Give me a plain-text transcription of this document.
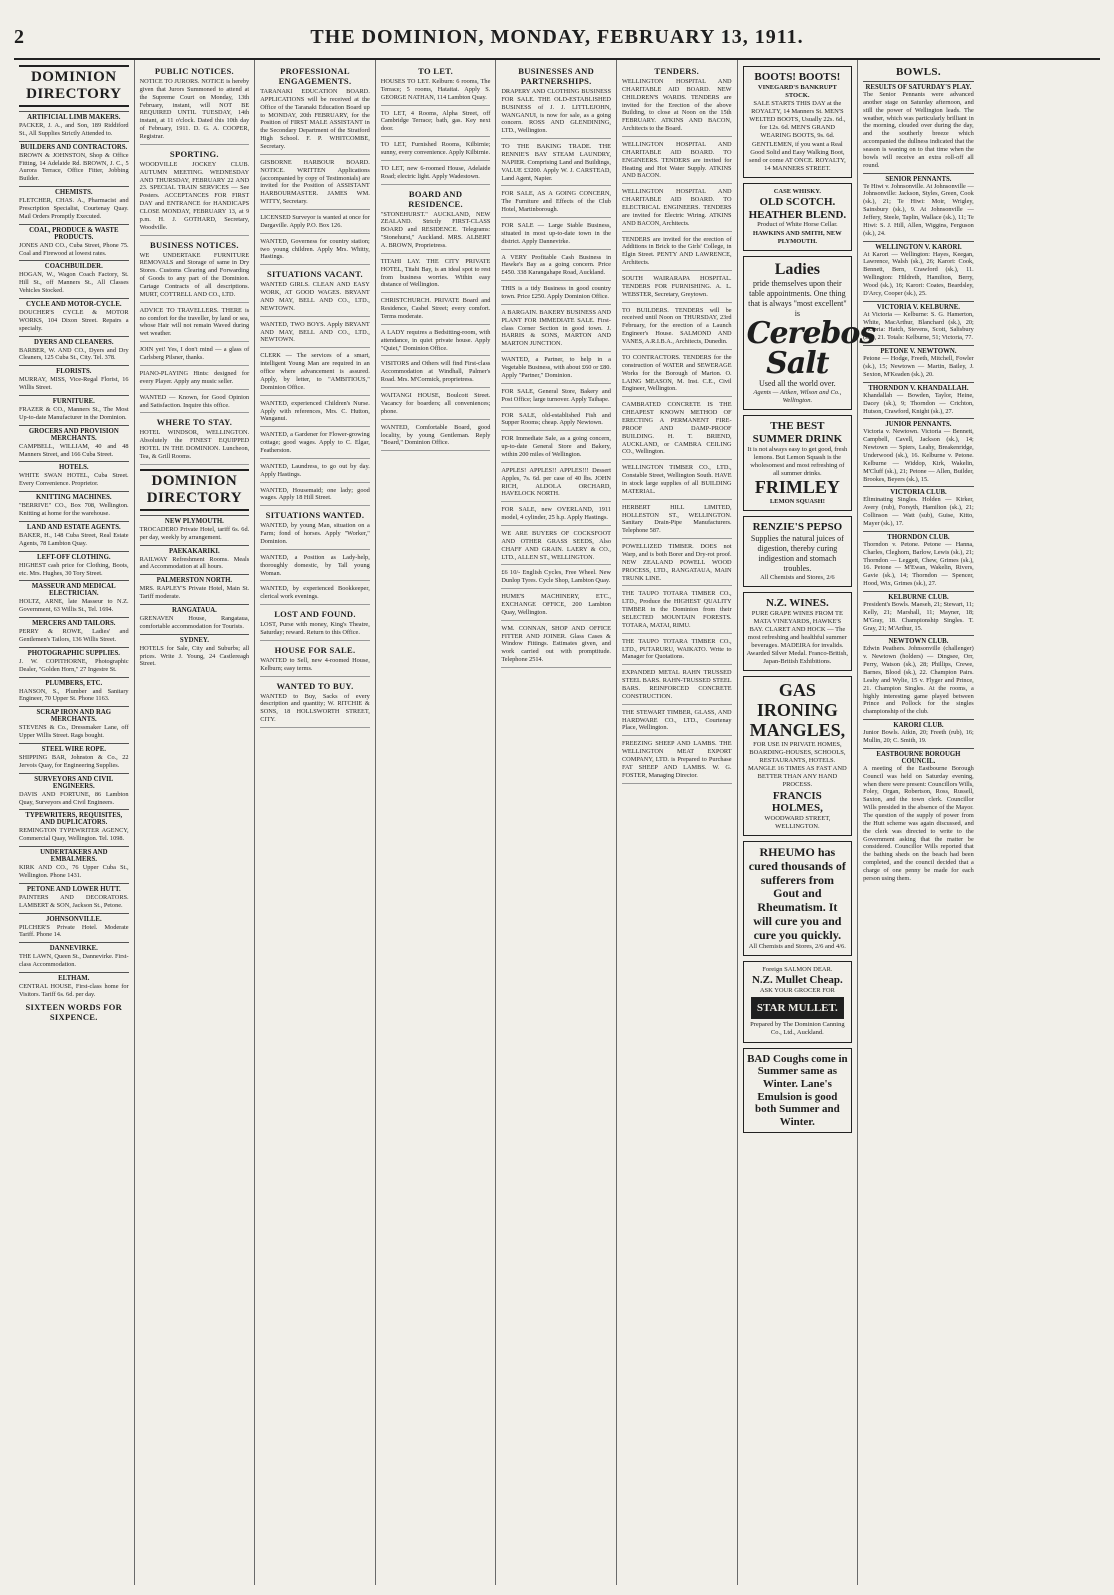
2	THE DOMINION, MONDAY, FEBRUARY 13, 1911.
DOMINION DIRECTORY
ARTIFICIAL LIMB MAKERS.
PACKER, J. A., and Son, 189 Riddiford St., All Supplies Strictly Attended to.
BUILDERS AND CONTRACTORS.
BROWN & JOHNSTON, Shop & Office Fitting, 14 Adelaide Rd. BROWN, J. C., 5 Aurora Terrace, Office Fitter, Jobbing Builder.
CHEMISTS.
FLETCHER, CHAS. A., Pharmacist and Prescription Specialist, Courtenay Quay. Mail Orders Promptly Executed.
COAL, PRODUCE & WASTE PRODUCTS.
JONES AND CO., Cuba Street, Phone 75. Coal and Firewood at lowest rates.
COACHBUILDER.
HOGAN, W., Wagon Coach Factory, St. Hill St., off Manners St., All Classes Vehicles Stocked.
CYCLE AND MOTOR-CYCLE.
DOUCHER'S CYCLE & MOTOR WORKS, 104 Dixon Street. Repairs a specialty.
DYERS AND CLEANERS.
BARBER, W. AND CO., Dyers and Dry Cleaners, 125 Cuba St., City. Tel. 378.
FLORISTS.
MURRAY, MISS, Vice-Regal Florist, 16 Willis Street.
FURNITURE.
FRAZER & CO., Manners St., The Most Up-to-date Manufacturer in the Dominion.
GROCERS AND PROVISION MERCHANTS.
CAMPBELL, WILLIAM, 40 and 48 Manners Street, and 166 Cuba Street.
HOTELS.
WHITE SWAN HOTEL, Cuba Street. Every Convenience. Proprietor.
KNITTING MACHINES.
"BERRIVE" CO., Box 708, Wellington. Knitting at home for the warehouse.
LAND AND ESTATE AGENTS.
BAKER, H., 148 Cuba Street, Real Estate Agents, 78 Lambton Quay.
LEFT-OFF CLOTHING.
HIGHEST cash price for Clothing, Boots, etc. Mrs. Hughes, 30 Tory Street.
MASSEUR AND MEDICAL ELECTRICIAN.
HOLTZ, ARNE, late Masseur to N.Z. Government, 63 Willis St., Tel. 1694.
MERCERS AND TAILORS.
PERRY & ROWE, Ladies' and Gentlemen's Tailors, 136 Willis Street.
PHOTOGRAPHIC SUPPLIES.
J. W. COPITHORNE, Photographic Dealer, "Golden Horn," 27 Ingestre St.
PLUMBERS, ETC.
HANSON, S., Plumber and Sanitary Engineer, 70 Upper St. Phone 1163.
SCRAP IRON AND RAG MERCHANTS.
STEVENS & Co., Dressmaker Lane, off Upper Willis Street. Rags bought.
STEEL WIRE ROPE.
SHIPPING BAR, Johnston & Co., 22 Jervois Quay, for Engineering Supplies.
SURVEYORS AND CIVIL ENGINEERS.
DAVIS AND FORTUNE, 86 Lambton Quay, Surveyors and Civil Engineers.
TYPEWRITERS, REQUISITES, AND DUPLICATORS.
REMINGTON TYPEWRITER AGENCY, Commercial Quay, Wellington. Tel. 1098.
UNDERTAKERS AND EMBALMERS.
KIRK AND CO., 76 Upper Cuba St., Wellington. Phone 1431.
PETONE AND LOWER HUTT.
PAINTERS AND DECORATORS. LAMBERT & SON, Jackson St., Petone.
JOHNSONVILLE.
PILCHER'S Private Hotel. Moderate Tariff. Phone 14.
DANNEVIRKE.
THE LAWN, Queen St., Dannevirke. First-class Accommodation.
ELTHAM.
CENTRAL HOUSE, First-class home for Visitors. Tariff 6s. 6d. per day.
SIXTEEN WORDS FOR SIXPENCE.
PUBLIC NOTICES.
NOTICE TO JURORS. NOTICE is hereby given that Jurors Summoned to attend at the Supreme Court on Monday, 13th February, instant, will NOT BE REQUIRED UNTIL TUESDAY, 14th instant, at 11 o'clock. Dated this 10th day of February, 1911. D. G. A. COOPER, Registrar.
SPORTING.
WOODVILLE JOCKEY CLUB. AUTUMN MEETING. WEDNESDAY AND THURSDAY, FEBRUARY 22 AND 23. SPECIAL TRAIN SERVICES — See Posters. ACCEPTANCES FOR FIRST DAY and ENTRANCE for HANDICAPS CLOSE MONDAY, FEBRUARY 13, at 9 p.m. H. J. GOTHARD, Secretary, Woodville.
BUSINESS NOTICES.
WE UNDERTAKE FURNITURE REMOVALS and Storage of same in Dry Stores. Customs Clearing and Forwarding of Goods to any part of the Dominion. Cartage Contracts of all descriptions. MURT, COTTRELL AND CO., LTD.
ADVICE TO TRAVELLERS. THERE is no comfort for the traveller, by land or sea, whose Hair will not remain Waved during wet weather.
JOIN yet! Yes, I don't mind — a glass of Carlsberg Pilsner, thanks.
PIANO-PLAYING Hints: designed for every Player. Apply any music seller.
WANTED — Known, for Good Opinion and Satisfaction. Inquire this office.
WHERE TO STAY.
HOTEL WINDSOR, WELLINGTON. Absolutely the FINEST EQUIPPED HOTEL IN THE DOMINION. Luncheon, Tea, & Grill Rooms.
DOMINION DIRECTORY
NEW PLYMOUTH.
TROCADERO Private Hotel, tariff 6s. 6d. per day, weekly by arrangement.
PAEKAKARIKI.
RAILWAY Refreshment Rooms. Meals and Accommodation at all hours.
PALMERSTON NORTH.
MRS. RAPLEY'S Private Hotel, Main St. Tariff moderate.
RANGATAUA.
GRENAVEN House, Rangataua, comfortable accommodation for Tourists.
SYDNEY.
HOTELS for Sale, City and Suburbs; all prices. Write J. Young, 24 Castlereagh Street.
PROFESSIONAL ENGAGEMENTS.
TARANAKI EDUCATION BOARD. APPLICATIONS will be received at the Office of the Taranaki Education Board up to MONDAY, 20th FEBRUARY, for the Position of FIRST MALE ASSISTANT in the Secondary Department of the Stratford High School. F. P. WHITCOMBE, Secretary.
GISBORNE HARBOUR BOARD. NOTICE. WRITTEN Applications (accompanied by copy of Testimonials) are invited for the Position of ASSISTANT HARBOURMASTER. JAMES WM. WITTY, Secretary.
LICENSED Surveyor is wanted at once for Dargaville. Apply P.O. Box 126.
WANTED, Governess for country station; two young children. Apply Mrs. Whitty, Hastings.
SITUATIONS VACANT.
WANTED GIRLS. CLEAN AND EASY WORK, AT GOOD WAGES. BRYANT AND MAY, BELL AND CO., LTD., NEWTOWN.
WANTED, TWO BOYS. Apply BRYANT AND MAY, BELL AND CO., LTD., NEWTOWN.
CLERK — The services of a smart, intelligent Young Man are required in an office where advancement is assured. Apply, by letter, to "AMBITIOUS," Dominion Office.
WANTED, experienced Children's Nurse. Apply with references, Mrs. C. Hutton, Wanganui.
WANTED, a Gardener for Flower-growing cottage; good wages. Apply to C. Elgar, Featherston.
WANTED, Laundress, to go out by day. Apply Hastings.
WANTED, Housemaid; one lady; good wages. Apply 18 Hill Street.
SITUATIONS WANTED.
WANTED, by young Man, situation on a Farm; fond of horses. Apply "Worker," Dominion.
WANTED, a Position as Lady-help, thoroughly domestic, by Tall young Woman.
WANTED, by experienced Bookkeeper, clerical work evenings.
LOST AND FOUND.
LOST, Purse with money, King's Theatre, Saturday; reward. Return to this Office.
HOUSE FOR SALE.
WANTED to Sell, new 4-roomed House, Kelburn; easy terms.
WANTED TO BUY.
WANTED to Buy, Sacks of every description and quantity; W. RITCHIE & SONS, 18 HOLLSWORTH STREET, CITY.
TO LET.
HOUSES TO LET. Kelburn: 6 rooms, The Terrace; 5 rooms, Hataitai. Apply S. GEORGE NATHAN, 114 Lambton Quay.
TO LET, 4 Rooms, Alpha Street, off Cambridge Terrace; bath, gas. Key next door.
TO LET, Furnished Rooms, Kilbirnie; sunny, every convenience. Apply Kilbirnie.
TO LET, new 6-roomed House, Adelaide Road; electric light. Apply Wadestown.
BOARD AND RESIDENCE.
"STONEHURST." AUCKLAND, NEW ZEALAND. Strictly FIRST-CLASS BOARD and RESIDENCE. Telegrams: "Stonehurst," Auckland. MRS. ALBERT A. BROWN, Proprietress.
TITAHI LAY. THE CITY PRIVATE HOTEL, Titahi Bay, is an ideal spot to rest from business worries. Within easy distance of Wellington.
CHRISTCHURCH. PRIVATE Board and Residence, Cashel Street; every comfort. Terms moderate.
A LADY requires a Bedsitting-room, with attendance, in quiet private house. Apply "Quiet," Dominion Office.
VISITORS and Others will find First-class Accommodation at Windhall, Palmer's Road. Mrs. M'Cormick, proprietress.
WAITANGI HOUSE, Boulcott Street. Vacancy for boarders; all conveniences; phone.
WANTED, Comfortable Board, good locality, by young Gentleman. Reply "Board," Dominion Office.
BUSINESSES AND PARTNERSHIPS.
DRAPERY AND CLOTHING BUSINESS FOR SALE. THE OLD-ESTABLISHED BUSINESS of J. J. LITTLEJOHN, WANGANUI, is now for sale, as a going concern. ROSS AND GLENDINING, LTD., Wellington.
TO THE BAKING TRADE. THE RENNIE'S BAY STEAM LAUNDRY, NAPIER. Comprising Land and Buildings, VALUE £3200. Apply W. J. CARSTEAD, Land Agent, Napier.
FOR SALE, AS A GOING CONCERN, The Furniture and Effects of the Club Hotel, Martinborough.
FOR SALE — Large Stable Business, situated in most up-to-date town in the district. Apply Dannevirke.
A VERY Profitable Cash Business in Hawke's Bay as a going concern. Price £450. 338 Karangahape Road, Auckland.
THIS is a tidy Business in good country town. Price £250. Apply Dominion Office.
A BARGAIN. BAKERY BUSINESS AND PLANT FOR IMMEDIATE SALE. First-class Corner Section in good town. J. HARRIS & SONS, MARTON AND MARTON JUNCTION.
WANTED, a Partner, to help in a Vegetable Business, with about £60 or £80. Apply "Partner," Dominion.
FOR SALE, General Store, Bakery and Post Office; large turnover. Apply Taihape.
FOR SALE, old-established Fish and Supper Rooms; cheap. Apply Newtown.
FOR Immediate Sale, as a going concern, up-to-date General Store and Bakery, within 200 miles of Wellington.
APPLES! APPLES!! APPLES!!! Dessert Apples, 7s. 6d. per case of 40 lbs. JOHN RICH, ALDOLA ORCHARD, HAVELOCK NORTH.
FOR SALE, new OVERLAND, 1911 model, 4 cylinder, 25 h.p. Apply Hastings.
WE ARE BUYERS OF COCKSFOOT AND OTHER GRASS SEEDS, Also CHAFF AND GRAIN. LAERY & CO., LTD., ALLEN ST., WELLINGTON.
£6 10/- English Cycles, Free Wheel. New Dunlop Tyres. Cycle Shop, Lambton Quay.
HUME'S MACHINERY, ETC., EXCHANGE OFFICE, 200 Lambton Quay, Wellington.
WM. CONNAN, SHOP AND OFFICE FITTER AND JOINER. Glass Cases & Window Fittings. Estimates given, and work carried out with promptitude. Telephone 2514.
TENDERS.
WELLINGTON HOSPITAL AND CHARITABLE AID BOARD. NEW CHILDREN'S WARDS. TENDERS are invited for the Erection of the above Building, to close at Noon on the 15th FEBRUARY. ATKINS AND BACON, Architects to the Board.
WELLINGTON HOSPITAL AND CHARITABLE AID BOARD. TO ENGINEERS. TENDERS are invited for Heating and Hot Water Supply. ATKINS AND BACON.
WELLINGTON HOSPITAL AND CHARITABLE AID BOARD. TO ELECTRICAL ENGINEERS. TENDERS are invited for Electric Wiring. ATKINS AND BACON, Architects.
TENDERS are invited for the erection of Additions in Brick to the Girls' College, in Elgin Street. PENTY AND LAWRENCE, Architects.
SOUTH WAIRARAPA HOSPITAL. TENDERS FOR FURNISHING. A. L. WEBSTER, Secretary, Greytown.
TO BUILDERS. TENDERS will be received until Noon on THURSDAY, 23rd February, for the erection of a Launch Engineer's House. SALMOND AND VANES, A.R.I.B.A., Architects, Dunedin.
TO CONTRACTORS. TENDERS for the construction of WATER and SEWERAGE Works for the Borough of Marton. O. LAING MEASON, M. Inst. C.E., Civil Engineer, Wellington.
CAMBRATED CONCRETE IS THE CHEAPEST KNOWN METHOD OF ERECTING A PERMANENT FIRE-PROOF AND DAMP-PROOF BUILDING. H. T. BRIEND, AUCKLAND, or CAMBRA CEILING CO., Wellington.
WELLINGTON TIMBER CO., LTD., Constable Street, Wellington South. HAVE in stock large supplies of all BUILDING MATERIAL.
HERBERT HILL LIMITED, HOLLESTON ST., WELLINGTON. Sanitary Drain-Pipe Manufacturers. Telephone 587.
POWELLIZED TIMBER. DOES not Warp, and is both Borer and Dry-rot proof. NEW ZEALAND POWELL WOOD PROCESS, LTD., RANGATAUA, MAIN TRUNK LINE.
THE TAUPO TOTARA TIMBER CO., LTD., Produce the HIGHEST QUALITY TIMBER in the Dominion from their SELECTED MOUNTAIN FORESTS. TOTARA, MATAI, RIMU.
THE TAUPO TOTARA TIMBER CO., LTD., PUTARURU, WAIKATO. Write to Manager for Quotations.
EXPANDED METAL RAHN TRUSSED STEEL BARS. RAHN-TRUSSED STEEL BARS. REINFORCED CONCRETE CONSTRUCTION.
THE STEWART TIMBER, GLASS, AND HARDWARE CO., LTD., Courtenay Place, Wellington.
FREEZING SHEEP AND LAMBS. THE WELLINGTON MEAT EXPORT COMPANY, LTD. is Prepared to Purchase FAT SHEEP AND LAMBS. W. G. FOSTER, Managing Director.
BOOTS! BOOTS!
VINEGARD'S BANKRUPT STOCK.
SALE STARTS THIS DAY at the ROYALTY, 14 Manners St. MEN'S WELTED BOOTS, Usually 22s. 6d., for 12s. 6d. MEN'S GRAND WEARING BOOTS, 9s. 6d. GENTLEMEN, if you want a Real Good Solid and Easy Walking Boot, send or come AT ONCE. ROYALTY, 14 MANNERS STREET.
CASE WHISKY.
OLD SCOTCH.
HEATHER BLEND.
Product of White Horse Cellar.
HAWKINS AND SMITH, NEW PLYMOUTH.
Ladies
pride themselves upon their table appointments. One thing that is always "most excellent" is
Cerebos Salt
Used all the world over.
Agents — Aitken, Wilson and Co., Wellington.
THE BEST SUMMER DRINK
It is not always easy to get good, fresh lemons. But Lemon Squash is the wholesomest and most refreshing of all summer drinks.
FRIMLEY
LEMON SQUASH!
RENZIE'S PEPSO
Supplies the natural juices of digestion, thereby curing indigestion and stomach troubles.
All Chemists and Stores, 2/6
N.Z. WINES.
PURE GRAPE WINES FROM TE MATA VINEYARDS, HAWKE'S BAY. CLARET AND HOCK — The most refreshing and healthful summer beverages. MADEIRA for invalids. Awarded Silver Medal. Franco-British, Japan-British Exhibitions.
GAS IRONING MANGLES,
FOR USE IN PRIVATE HOMES, BOARDING-HOUSES, SCHOOLS, RESTAURANTS, HOTELS. MANGLE 16 TIMES AS FAST AND BETTER THAN ANY HAND PROCESS.
FRANCIS HOLMES,
WOODWARD STREET, WELLINGTON.
RHEUMO has cured thousands of sufferers from Gout and Rheumatism. It will cure you and cure you quickly.
All Chemists and Stores, 2/6 and 4/6.
Foreign SALMON DEAR.
N.Z. Mullet Cheap.
ASK YOUR GROCER FOR
STAR MULLET.
Prepared by The Dominion Canning Co., Ltd., Auckland.
BAD Coughs come in Summer same as Winter. Lane's Emulsion is good both Summer and Winter.
BOWLS.
RESULTS OF SATURDAY'S PLAY.
The Senior Pennants were advanced another stage on Saturday afternoon, and still the power of Wellington leads. The weather, which was particularly brilliant in the morning, clouded over during the day, and the southerly breeze which accompanied the dullness indicated that the season is waning on to that time when the bowls will receive an extra roll-off all round.
SENIOR PENNANTS.
Te Hiwi v. Johnsonville. At Johnsonville — Johnsonville: Jackson, Styles, Green, Cook (sk.), 21; Te Hiwi: Moir, Wrigley, Sainsbury (sk.), 9. At Johnsonville — Jeffery, Steele, Taplin, Wallace (sk.), 11; Te Hiwi: S. J. Hill, Allen, Wiggins, Ferguson (sk.), 24.
WELLINGTON V. KARORI.
At Karori — Wellington: Hayes, Keegan, Lawrence, Walsh (sk.), 26; Karori: Cook, Bennett, Bern, Crawford (sk.), 11. Wellington: Hildreth, Hamilton, Berry, Wood (sk.), 16; Karori: Coates, Beardsley, D'Arcy, Cooper (sk.), 25.
VICTORIA V. KELBURNE.
At Victoria — Kelburne: S. G. Hamerton, White, MacArthur, Blanchard (sk.), 20; Victoria: Hatch, Stevens, Scott, Salisbury (sk.), 21. Totals: Kelburne, 51; Victoria, 77.
PETONE V. NEWTOWN.
Petone — Hodge, Freeth, Mitchell, Fowler (sk.), 15; Newtown — Martin, Bailey, J. Sexton, M'Keaden (sk.), 20.
THORNDON V. KHANDALLAH.
Khandallah — Bowden, Taylor, Heine, Dacey (sk.), 9; Thorndon — Crichton, Hutson, Crawford, Knight (sk.), 27.
JUNIOR PENNANTS.
Victoria v. Newtown. Victoria — Bennett, Campbell, Cavell, Jackson (sk.), 14; Newtown — Spiers, Leahy, Breakenridge, Underwood (sk.), 16. Kelburne v. Petone. Kelburne — Widdop, Kirk, Wakelin, M'Cluff (sk.), 21; Petone — Allen, Builder, Brookes, Beyers (sk.), 15.
VICTORIA CLUB.
Eliminating Singles. Holden — Kirker, Avery (rub), Forsyth, Hamilton (sk.), 21; Collinson — Watt (sub), Guise, Kitto, Mayer (sk.), 17.
THORNDON CLUB.
Thorndon v. Petone. Petone — Hanna, Charles, Cleghorn, Barlow, Lewis (sk.), 21; Thorndon — Leggett, Chew, Grimes (sk.), 16. Petone — M'Ewan, Wakelin, Rivers, Gavie (sk.), 14; Thorndon — Spencer, Hood, Wix, Grimes (sk.), 27.
KELBURNE CLUB.
President's Bowls. Maeseh, 21; Stewart, 11; Kelly, 21; Marshall, 11; Mayner, 18; M'Gray, 18. Championship Singles. T. Gray, 21; M'Arthur, 15.
NEWTOWN CLUB.
Edwin Peathers. Johnsonville (challenger) v. Newtown (holders) — Dingsee, Orr, Perry, Watson (sk.), 28; Phillips, Crewe, Barnes, Blood (sk.), 22. Champion Pairs. Leahy and Wylie, 15 v. Flyger and Prince, 21. Champion Singles. At the rooms, a highly interesting game played between Prince and Pollock for the singles championship of the club.
KARORI CLUB.
Junior Bowls. Atkin, 20; Freeth (rub), 16; Mullin, 20; C. Smith, 19.
EASTBOURNE BOROUGH COUNCIL.
A meeting of the Eastbourne Borough Council was held on Saturday evening, when there were present: Councillors Wills, Foley, Organ, Robertson, Ross, Russell, Saxton, and the town clerk. Councillor Wills presided in the absence of the Mayor. The question of the supply of power from the Hutt scheme was again discussed, and the clerk was directed to write to the Government asking that the matter be considered. Councillor Wills reported that the bathing sheds on the beach had been completed, and the council decided that a charge of one penny be made for each person using them.
